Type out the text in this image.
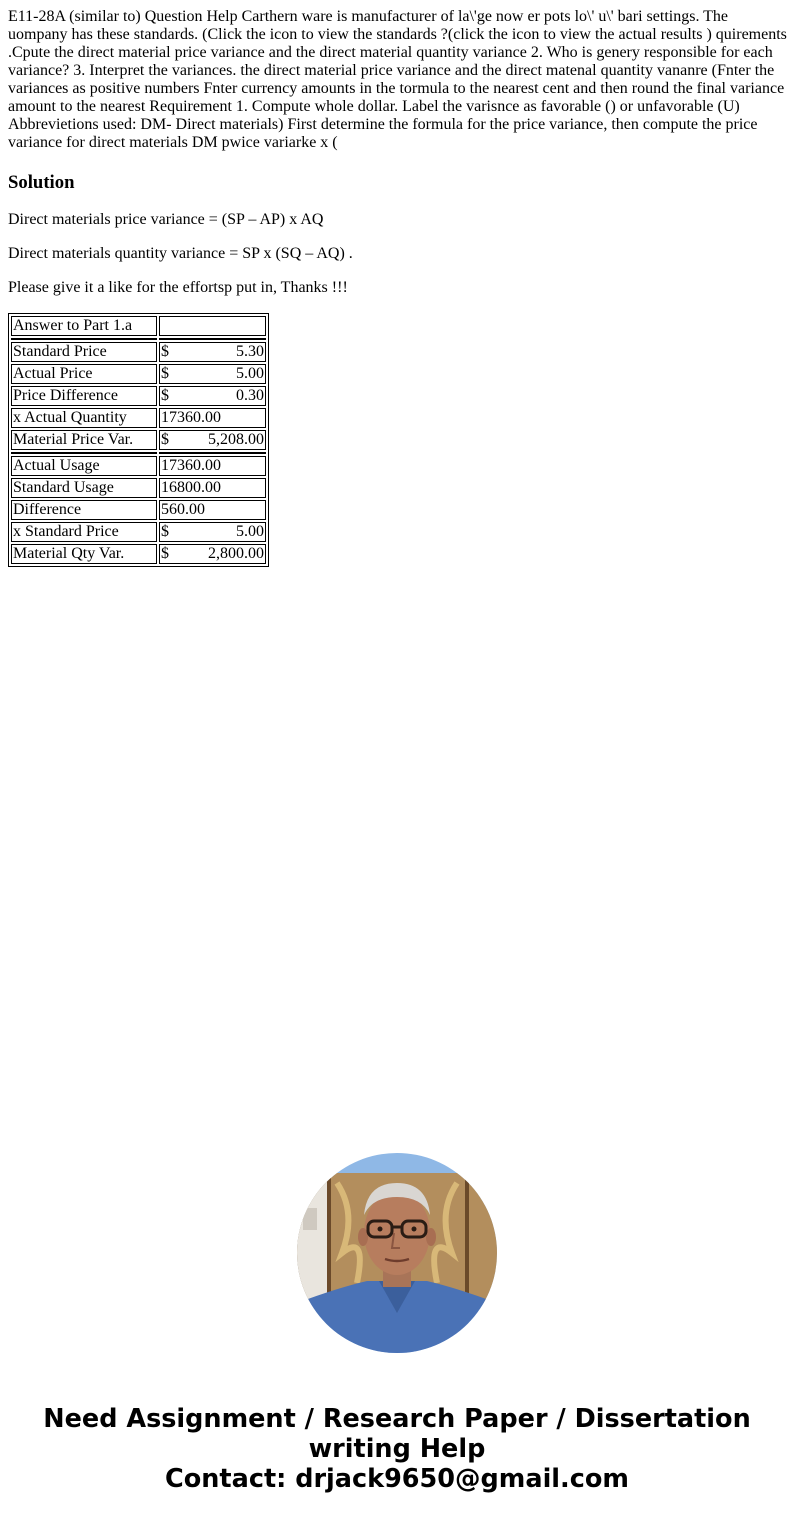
E11-28A (similar to) Question Help Carthern ware is manufacturer of la\'ge now er pots lo\' u\' bari settings. The uompany has these standards. (Click the icon to view the standards ?(click the icon to view the actual results ) quirements .Cpute the direct material price variance and the direct material quantity variance 2. Who is genery responsible for each variance? 3. Interpret the variances. the direct material price variance and the direct matenal quantity vananre (Fnter the variances as positive numbers Fnter currency amounts in the tormula to the nearest cent and then round the final variance amount to the nearest Requirement 1. Compute whole dollar. Label the varisnce as favorable () or unfavorable (U) Abbrevietions used: DM- Direct materials) First determine the formula for the price variance, then compute the price variance for direct materials DM pwice variarke x (

Solution

Direct materials price variance = (SP – AP) x AQ

Direct materials quantity variance = SP x (SQ – AQ) .

Please give it a like for the effortsp put in, Thanks !!!

Answer to Part 1.a	

Standard Price	$ 5.30

Actual Price	$ 5.00

Price Difference	$ 0.30

x Actual Quantity	17360.00
Material Price Var.	$ 5,208.00

Actual Usage	17360.00
Standard Usage	16800.00
Difference	560.00
x Standard Price	$ 5.00

Material Qty Var.	$ 2,800.00
Need Assignment / Research Paper / Dissertation
writing Help
Contact: drjack9650@gmail.com
